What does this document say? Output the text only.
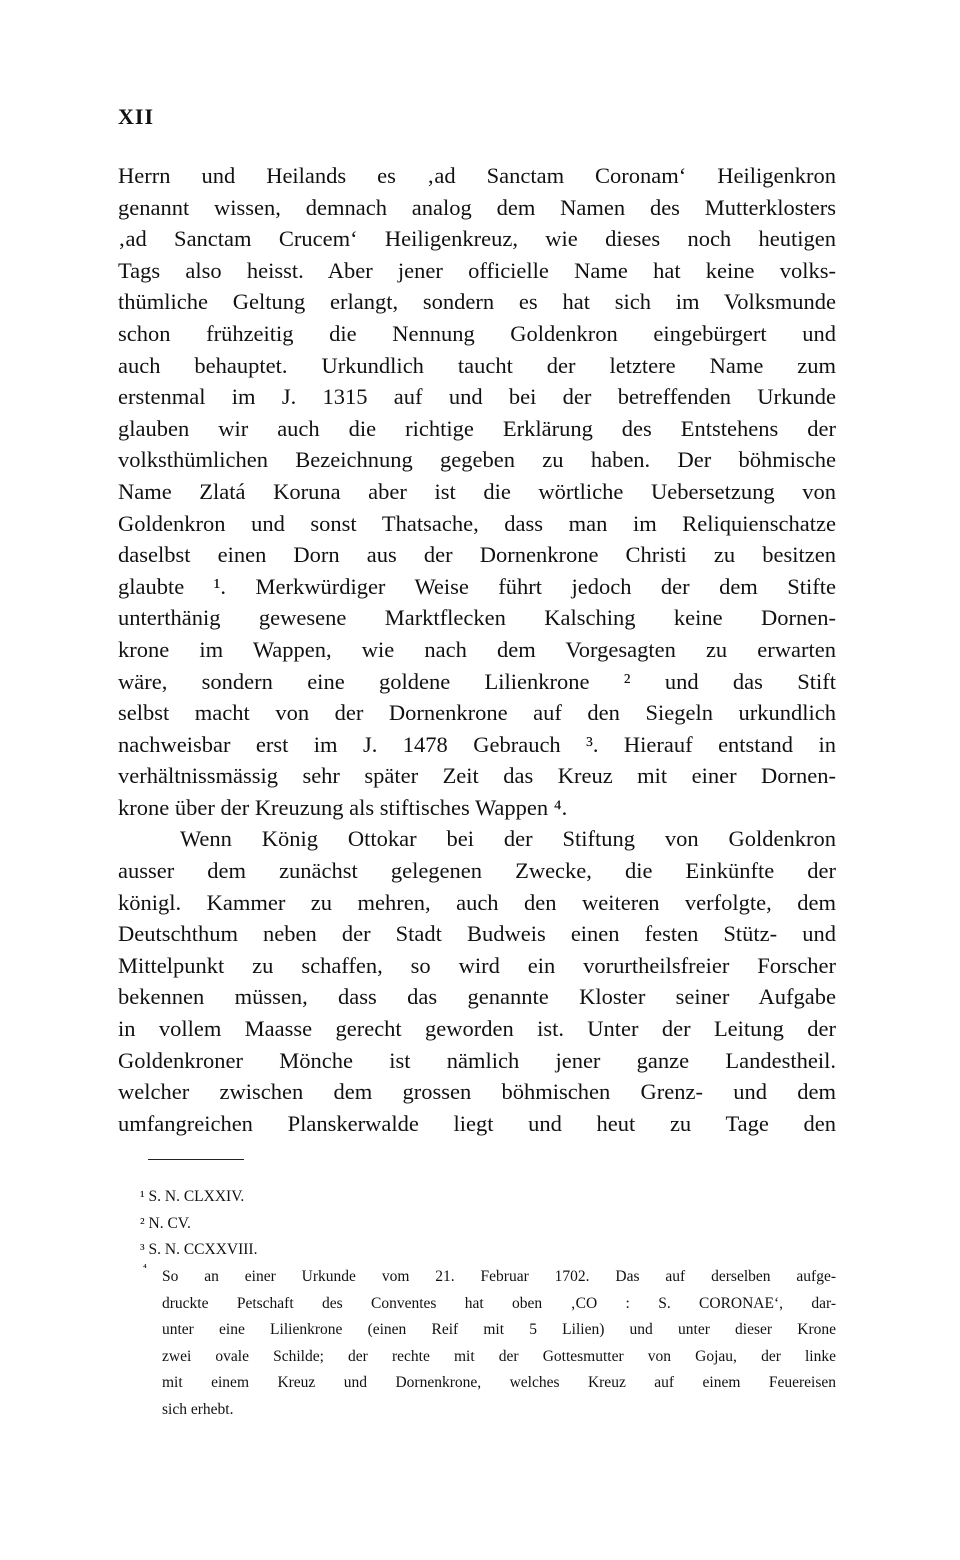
XII
Herrn und Heilands es ‚ad Sanctam Coronam‘ Heiligenkron
genannt wissen, demnach analog dem Namen des Mutterklosters
‚ad Sanctam Crucem‘ Heiligenkreuz, wie dieses noch heutigen
Tags also heisst. Aber jener officielle Name hat keine volks-
thümliche Geltung erlangt, sondern es hat sich im Volksmunde
schon frühzeitig die Nennung Goldenkron eingebürgert und
auch behauptet. Urkundlich taucht der letztere Name zum
erstenmal im J. 1315 auf und bei der betreffenden Urkunde
glauben wir auch die richtige Erklärung des Entstehens der
volksthümlichen Bezeichnung gegeben zu haben. Der böhmische
Name Zlatá Koruna aber ist die wörtliche Uebersetzung von
Goldenkron und sonst Thatsache, dass man im Reliquienschatze
daselbst einen Dorn aus der Dornenkrone Christi zu besitzen
glaubte ¹. Merkwürdiger Weise führt jedoch der dem Stifte
unterthänig gewesene Marktflecken Kalsching keine Dornen-
krone im Wappen, wie nach dem Vorgesagten zu erwarten
wäre, sondern eine goldene Lilienkrone ² und das Stift
selbst macht von der Dornenkrone auf den Siegeln urkundlich
nachweisbar erst im J. 1478 Gebrauch ³. Hierauf entstand in
verhältnissmässig sehr später Zeit das Kreuz mit einer Dornen-
krone über der Kreuzung als stiftisches Wappen ⁴.
Wenn König Ottokar bei der Stiftung von Goldenkron
ausser dem zunächst gelegenen Zwecke, die Einkünfte der
königl. Kammer zu mehren, auch den weiteren verfolgte, dem
Deutschthum neben der Stadt Budweis einen festen Stütz- und
Mittelpunkt zu schaffen, so wird ein vorurtheilsfreier Forscher
bekennen müssen, dass das genannte Kloster seiner Aufgabe
in vollem Maasse gerecht geworden ist. Unter der Leitung der
Goldenkroner Mönche ist nämlich jener ganze Landestheil.
welcher zwischen dem grossen böhmischen Grenz- und dem
umfangreichen Planskerwalde liegt und heut zu Tage den
¹ S. N. CLXXIV.
² N. CV.
³ S. N. CCXXVIII.
⁴ So an einer Urkunde vom 21. Februar 1702. Das auf derselben aufge-
druckte Petschaft des Conventes hat oben ‚CO : S. CORONAE‘, dar-
unter eine Lilienkrone (einen Reif mit 5 Lilien) und unter dieser Krone
zwei ovale Schilde; der rechte mit der Gottesmutter von Gojau, der linke
mit einem Kreuz und Dornenkrone, welches Kreuz auf einem Feuereisen
sich erhebt.
